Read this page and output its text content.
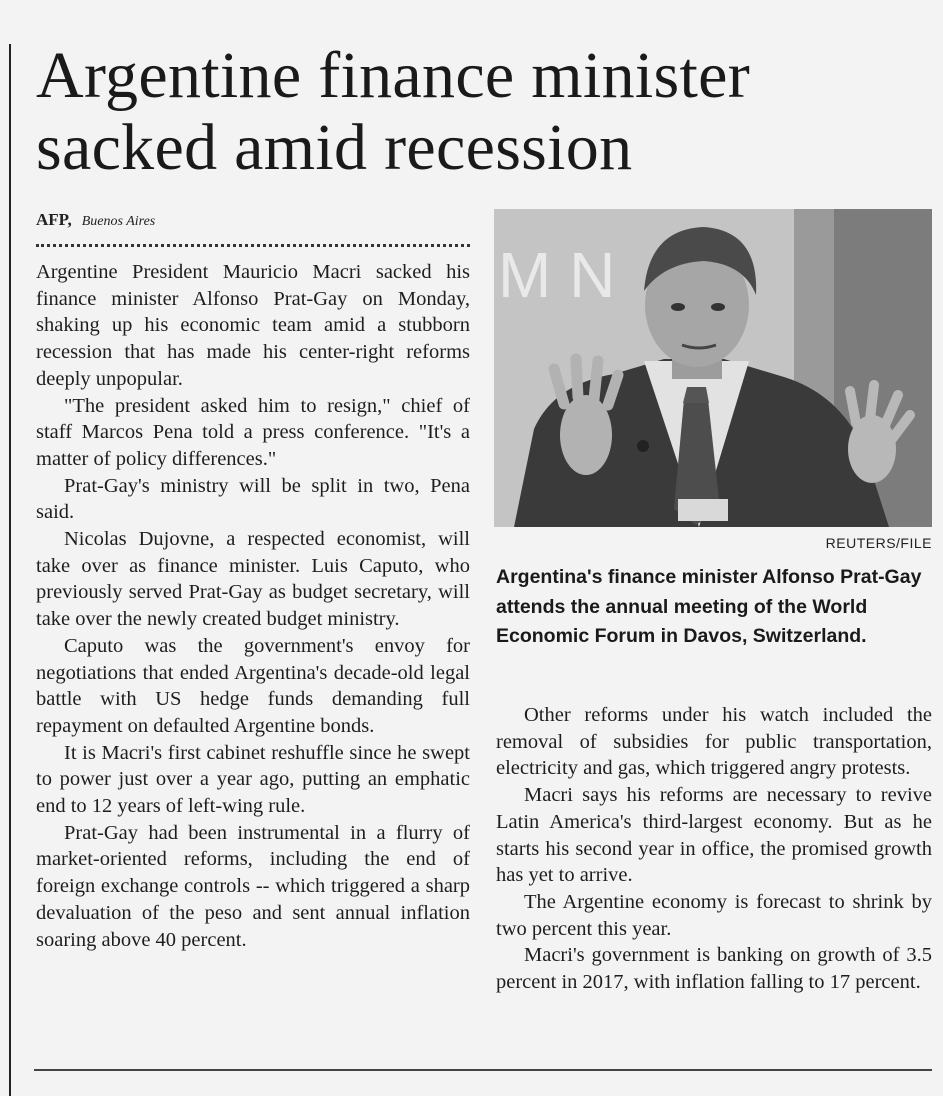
Argentine finance minister
sacked amid recession
AFP, Buenos Aires

Argentine President Mauricio Macri sacked his finance minister Alfonso Prat-Gay on Monday, shaking up his economic team amid a stubborn recession that has made his center-right reforms deeply unpopular.

"The president asked him to resign," chief of staff Marcos Pena told a press conference. "It's a matter of policy differences."

Prat-Gay's ministry will be split in two, Pena said.

Nicolas Dujovne, a respected economist, will take over as finance minister. Luis Caputo, who previously served Prat-Gay as budget secretary, will take over the newly created budget ministry.

Caputo was the government's envoy for negotiations that ended Argentina's decade-old legal battle with US hedge funds demanding full repayment on defaulted Argentine bonds.

It is Macri's first cabinet reshuffle since he swept to power just over a year ago, putting an emphatic end to 12 years of left-wing rule.

Prat-Gay had been instrumental in a flurry of market-oriented reforms, including the end of foreign exchange controls -- which triggered a sharp devaluation of the peso and sent annual inflation soaring above 40 percent.

M N
REUTERS/FILE
Argentina's finance minister Alfonso Prat-Gay attends the annual meeting of the World Economic Forum in Davos, Switzerland.

Other reforms under his watch included the removal of subsidies for public transportation, electricity and gas, which triggered angry protests.

Macri says his reforms are necessary to revive Latin America's third-largest economy. But as he starts his second year in office, the promised growth has yet to arrive.

The Argentine economy is forecast to shrink by two percent this year.

Macri's government is banking on growth of 3.5 percent in 2017, with inflation falling to 17 percent.
